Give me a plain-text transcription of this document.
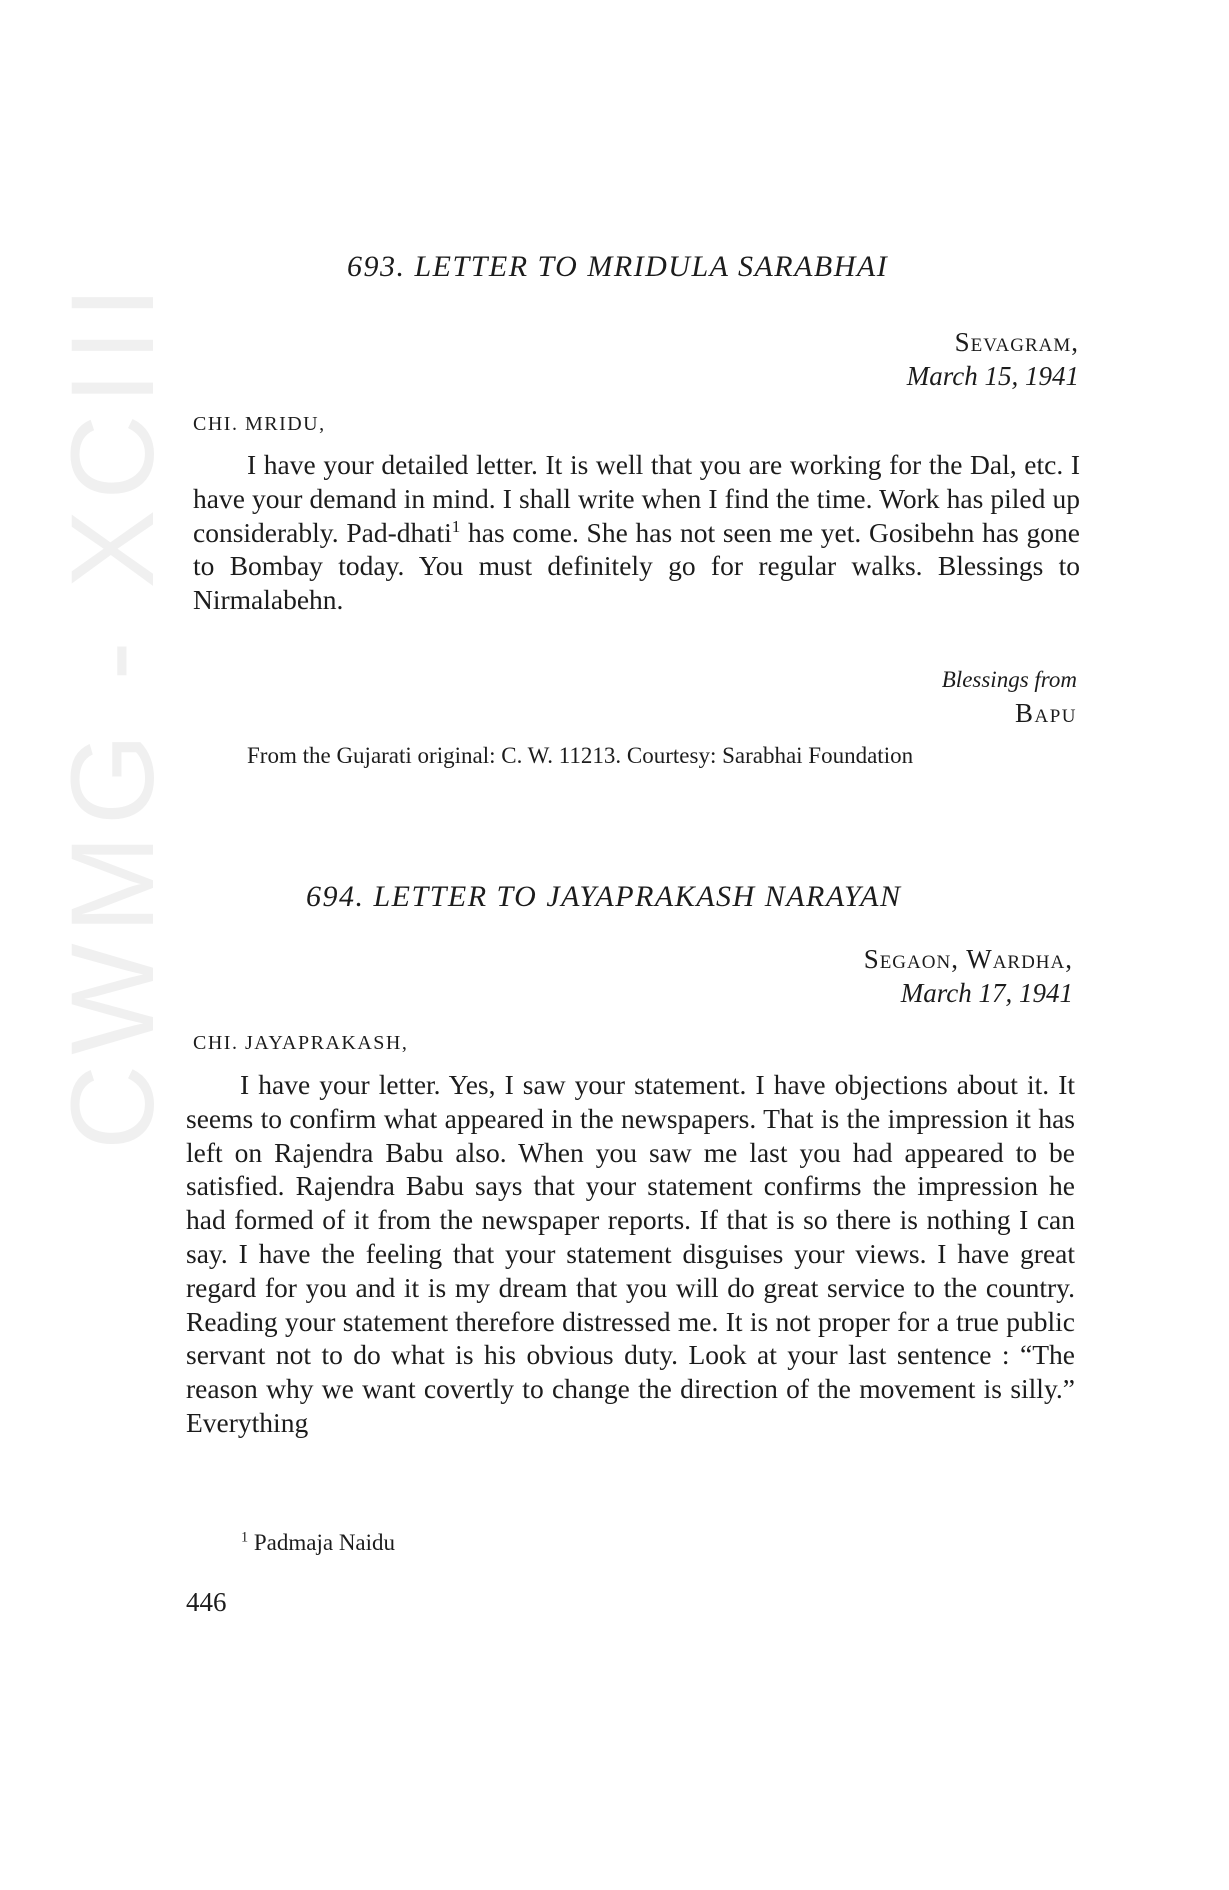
CWMG - XCIII
693. LETTER TO MRIDULA SARABHAI
Sevagram,
March 15, 1941
CHI. MRIDU,
I have your detailed letter. It is well that you are working for the Dal, etc. I have your demand in mind. I shall write when I find the time. Work has piled up considerably. Pad-dhati$^1$ has come. She has not seen me yet. Gosibehn has gone to Bombay today. You must definitely go for regular walks. Blessings to Nirmalabehn.
Blessings from
Bapu
From the Gujarati original: C. W. 11213. Courtesy: Sarabhai Foundation
694. LETTER TO JAYAPRAKASH NARAYAN
Segaon, Wardha,
March 17, 1941
CHI. JAYAPRAKASH,
I have your letter. Yes, I saw your statement. I have objections about it. It seems to confirm what appeared in the newspapers. That is the impression it has left on Rajendra Babu also. When you saw me last you had appeared to be satisfied. Rajendra Babu says that your statement confirms the impression he had formed of it from the newspaper reports. If that is so there is nothing I can say. I have the feeling that your statement disguises your views. I have great regard for you and it is my dream that you will do great service to the country. Reading your statement therefore distressed me. It is not proper for a true public servant not to do what is his obvious duty. Look at your last sentence : “The reason why we want covertly to change the direction of the movement is silly.” Everything
$^1$ Padmaja Naidu
446
